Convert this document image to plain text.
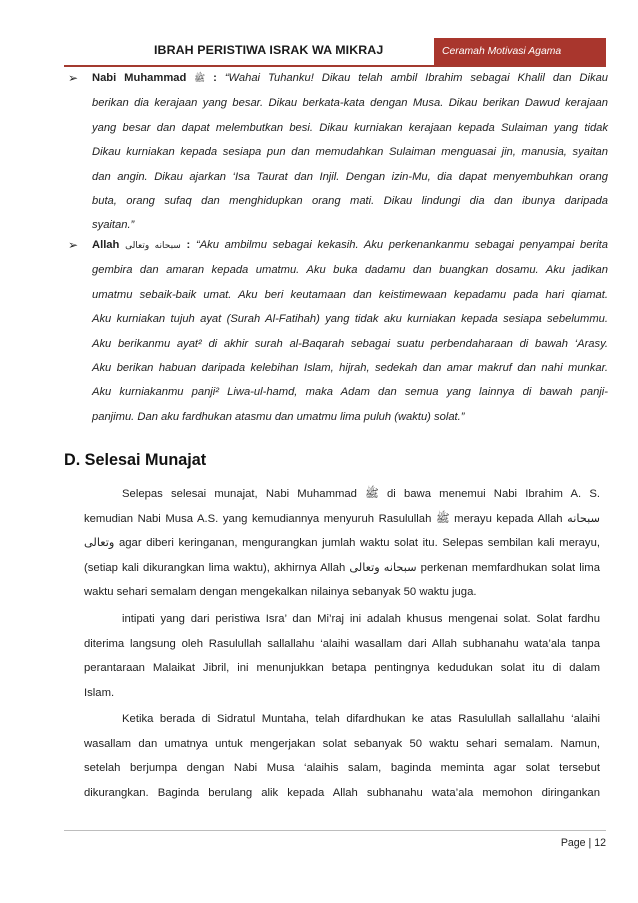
IBRAH PERISTIWA ISRAK WA MIKRAJ	Ceramah Motivasi Agama
➢	Nabi Muhammad ﷺ : “Wahai Tuhanku! Dikau telah ambil Ibrahim sebagai Khalil dan Dikau
berikan dia kerajaan yang besar. Dikau berkata-kata dengan Musa. Dikau berikan Dawud kerajaan
yang besar dan dapat melembutkan besi. Dikau kurniakan kerajaan kepada Sulaiman yang tidak
Dikau kurniakan kepada sesiapa pun dan memudahkan Sulaiman menguasai jin, manusia, syaitan
dan angin. Dikau ajarkan ‘Isa Taurat dan Injil. Dengan izin-Mu, dia dapat menyembuhkan orang
buta, orang sufaq dan menghidupkan orang mati. Dikau lindungi dia dan ibunya daripada
syaitan.”
➢	Allah سبحانه وتعالى : “Aku ambilmu sebagai kekasih. Aku perkenankanmu sebagai penyampai berita
gembira dan amaran kepada umatmu. Aku buka dadamu dan buangkan dosamu. Aku jadikan
umatmu sebaik-baik umat. Aku beri keutamaan dan keistimewaan kepadamu pada hari qiamat.
Aku kurniakan tujuh ayat (Surah Al-Fatihah) yang tidak aku kurniakan kepada sesiapa sebelummu.
Aku berikanmu ayat² di akhir surah al-Baqarah sebagai suatu perbendaharaan di bawah ‘Arasy.
Aku berikan habuan daripada kelebihan Islam, hijrah, sedekah dan amar makruf dan nahi munkar.
Aku kurniakanmu panji² Liwa-ul-hamd, maka Adam dan semua yang lainnya di bawah panji-
panjimu. Dan aku fardhukan atasmu dan umatmu lima puluh (waktu) solat.”
D. Selesai Munajat
Selepas selesai munajat, Nabi Muhammad ﷺ di bawa menemui Nabi Ibrahim A. S.
kemudian Nabi Musa A.S. yang kemudiannya menyuruh Rasulullah ﷺ merayu kepada Allah سبحانه
وتعالى agar diberi keringanan, mengurangkan jumlah waktu solat itu. Selepas sembilan kali merayu,
(setiap kali dikurangkan lima waktu), akhirnya Allah سبحانه وتعالى perkenan memfardhukan solat lima
waktu sehari semalam dengan mengekalkan nilainya sebanyak 50 waktu juga.
intipati yang dari peristiwa Isra’ dan Mi’raj ini adalah khusus mengenai solat. Solat fardhu
diterima langsung oleh Rasulullah sallallahu ‘alaihi wasallam dari Allah subhanahu wata’ala tanpa
perantaraan Malaikat Jibril, ini menunjukkan betapa pentingnya kedudukan solat itu di dalam
Islam.
Ketika berada di Sidratul Muntaha, telah difardhukan ke atas Rasulullah sallallahu ‘alaihi
wasallam dan umatnya untuk mengerjakan solat sebanyak 50 waktu sehari semalam. Namun,
setelah berjumpa dengan Nabi Musa ‘alaihis salam, baginda meminta agar solat tersebut
dikurangkan. Baginda berulang alik kepada Allah subhanahu wata’ala memohon diringankan
Page | 12
